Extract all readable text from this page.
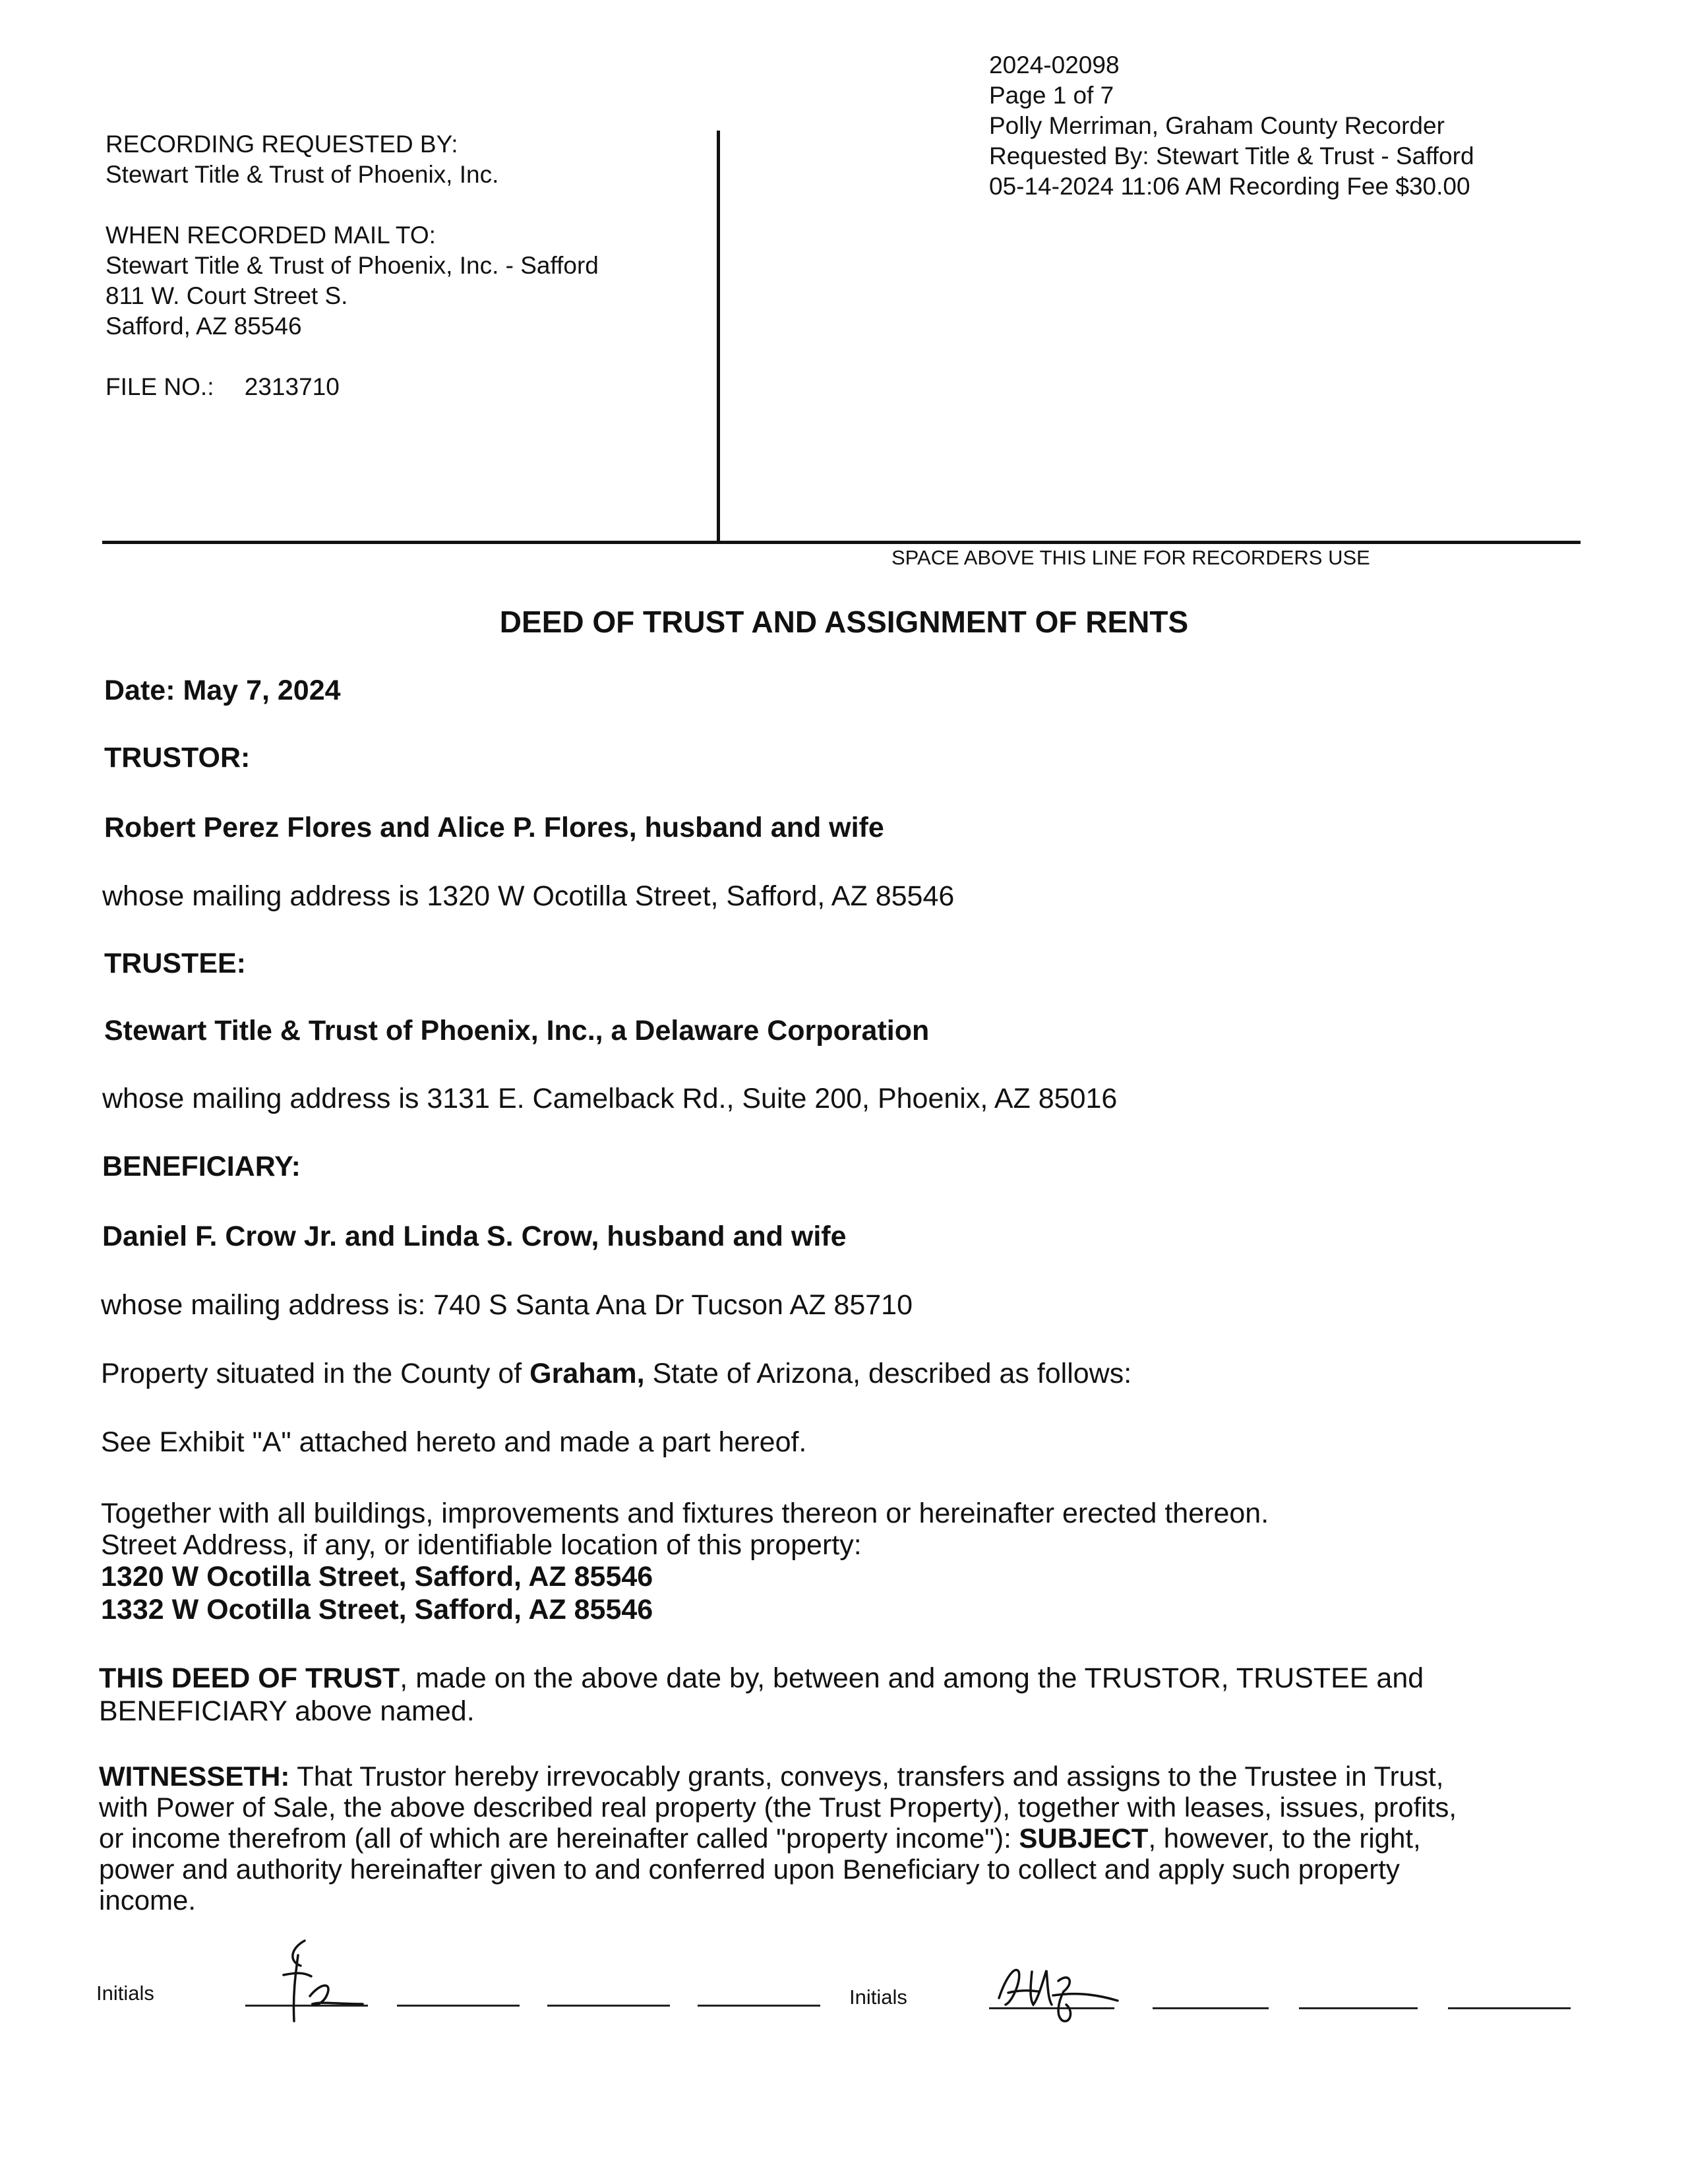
2024-02098
Page 1 of 7
Polly Merriman, Graham County Recorder
Requested By: Stewart Title & Trust - Safford
05-14-2024 11:06 AM Recording Fee $30.00
RECORDING REQUESTED BY:
Stewart Title & Trust of Phoenix, Inc.
WHEN RECORDED MAIL TO:
Stewart Title & Trust of Phoenix, Inc. - Safford
811 W. Court Street S.
Safford, AZ 85546
FILE NO.: 2313710
SPACE ABOVE THIS LINE FOR RECORDERS USE
DEED OF TRUST AND ASSIGNMENT OF RENTS
Date: May 7, 2024
TRUSTOR:
Robert Perez Flores and Alice P. Flores, husband and wife
whose mailing address is 1320 W Ocotilla Street, Safford, AZ 85546
TRUSTEE:
Stewart Title & Trust of Phoenix, Inc., a Delaware Corporation
whose mailing address is 3131 E. Camelback Rd., Suite 200, Phoenix, AZ 85016
BENEFICIARY:
Daniel F. Crow Jr. and Linda S. Crow, husband and wife
whose mailing address is: 740 S Santa Ana Dr Tucson AZ 85710
Property situated in the County of Graham, State of Arizona, described as follows:
See Exhibit "A" attached hereto and made a part hereof.
Together with all buildings, improvements and fixtures thereon or hereinafter erected thereon.
Street Address, if any, or identifiable location of this property:
1320 W Ocotilla Street, Safford, AZ 85546
1332 W Ocotilla Street, Safford, AZ 85546
THIS DEED OF TRUST, made on the above date by, between and among the TRUSTOR, TRUSTEE and
BENEFICIARY above named.
WITNESSETH: That Trustor hereby irrevocably grants, conveys, transfers and assigns to the Trustee in Trust,
with Power of Sale, the above described real property (the Trust Property), together with leases, issues, profits,
or income therefrom (all of which are hereinafter called "property income"): SUBJECT, however, to the right,
power and authority hereinafter given to and conferred upon Beneficiary to collect and apply such property
income.
Initials	Initials
